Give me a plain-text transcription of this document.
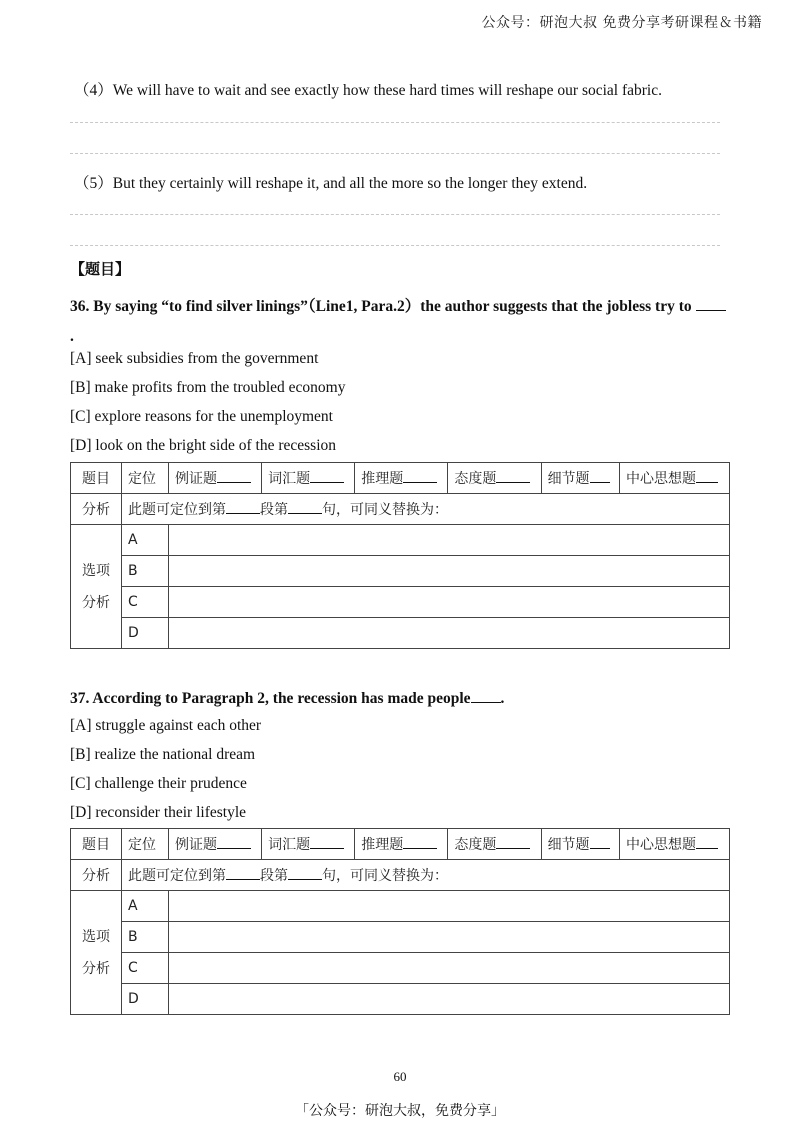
公众号：研泡大叔 免费分享考研课程＆书籍
（4）We will have to wait and see exactly how these hard times will reshape our social fabric.
（5）But they certainly will reshape it, and all the more so the longer they extend.
【题目】
36. By saying “to find silver linings”（Line1, Para.2）the author suggests that the jobless try to  .
[A] seek subsidies from the government
[B] make profits from the troubled economy
[C] explore reasons for the unemployment
[D] look on the bright side of the recession
题目	定位	例证题	词汇题	推理题	态度题	细节题	中心思想题
分析	此题可定位到第 段第 句，可同义替换为：						
选项
分析	A						
	B						
	C						
	D						
37. According to Paragraph 2, the recession has made people .
[A] struggle against each other
[B] realize the national dream
[C] challenge their prudence
[D] reconsider their lifestyle
题目	定位	例证题	词汇题	推理题	态度题	细节题	中心思想题
分析	此题可定位到第 段第 句，可同义替换为：						
选项
分析	A						
	B						
	C						
	D						
60
「公众号：研泡大叔，免费分享」
